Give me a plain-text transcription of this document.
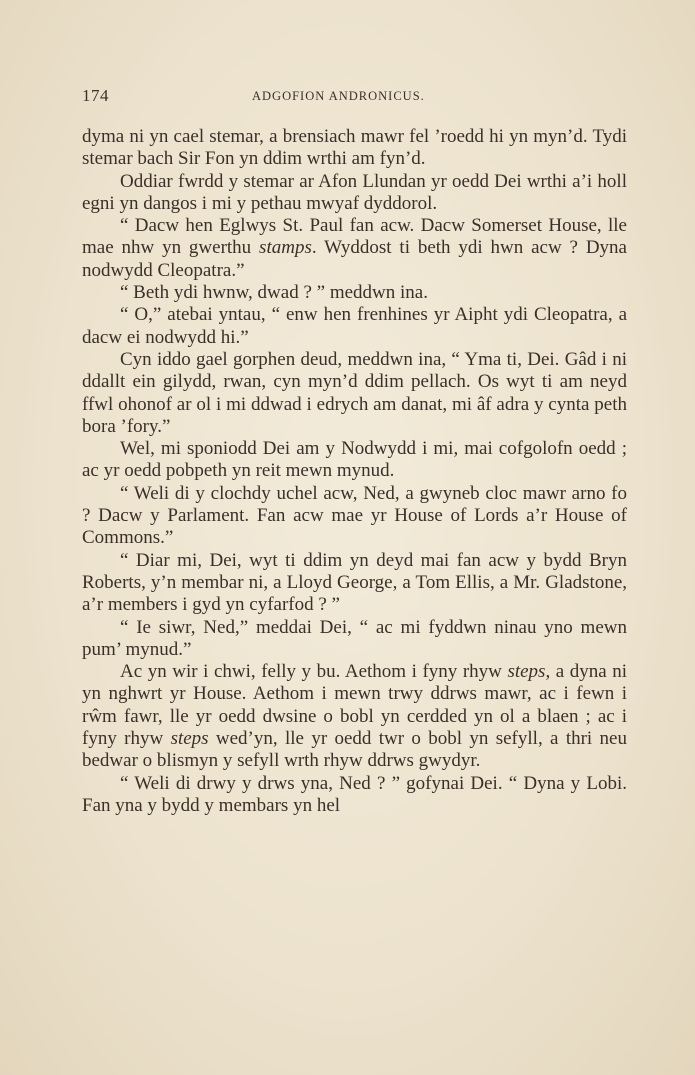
174	ADGOFION ANDRONICUS.

dyma ni yn cael stemar, a brensiach mawr fel ’roedd hi yn myn’d. Tydi stemar bach Sir Fon yn ddim wrthi am fyn’d.

Oddiar fwrdd y stemar ar Afon Llundan yr oedd Dei wrthi a’i holl egni yn dangos i mi y pethau mwyaf dyddorol.

“ Dacw hen Eglwys St. Paul fan acw. Dacw Somerset House, lle mae nhw yn gwerthu stamps. Wyddost ti beth ydi hwn acw ? Dyna nodwydd Cleopatra.”

“ Beth ydi hwnw, dwad ? ” meddwn ina.

“ O,” atebai yntau, “ enw hen frenhines yr Aipht ydi Cleopatra, a dacw ei nodwydd hi.”

Cyn iddo gael gorphen deud, meddwn ina, “ Yma ti, Dei. Gâd i ni ddallt ein gilydd, rwan, cyn myn’d ddim pellach. Os wyt ti am neyd ffwl ohonof ar ol i mi ddwad i edrych am danat, mi âf adra y cynta peth bora ’fory.”

Wel, mi sponiodd Dei am y Nodwydd i mi, mai cofgolofn oedd ; ac yr oedd pobpeth yn reit mewn mynud.

“ Weli di y clochdy uchel acw, Ned, a gwyneb cloc mawr arno fo ? Dacw y Parlament. Fan acw mae yr House of Lords a’r House of Commons.”

“ Diar mi, Dei, wyt ti ddim yn deyd mai fan acw y bydd Bryn Roberts, y’n membar ni, a Lloyd George, a Tom Ellis, a Mr. Gladstone, a’r members i gyd yn cyfarfod ? ”

“ Ie siwr, Ned,” meddai Dei, “ ac mi fyddwn ninau yno mewn pum’ mynud.”

Ac yn wir i chwi, felly y bu. Aethom i fyny rhyw steps, a dyna ni yn nghwrt yr House. Aethom i mewn trwy ddrws mawr, ac i fewn i rŵm fawr, lle yr oedd dwsine o bobl yn cerdded yn ol a blaen ; ac i fyny rhyw steps wed’yn, lle yr oedd twr o bobl yn sefyll, a thri neu bedwar o blismyn y sefyll wrth rhyw ddrws gwydyr.

“ Weli di drwy y drws yna, Ned ? ” gofynai Dei. “ Dyna y Lobi. Fan yna y bydd y membars yn hel
